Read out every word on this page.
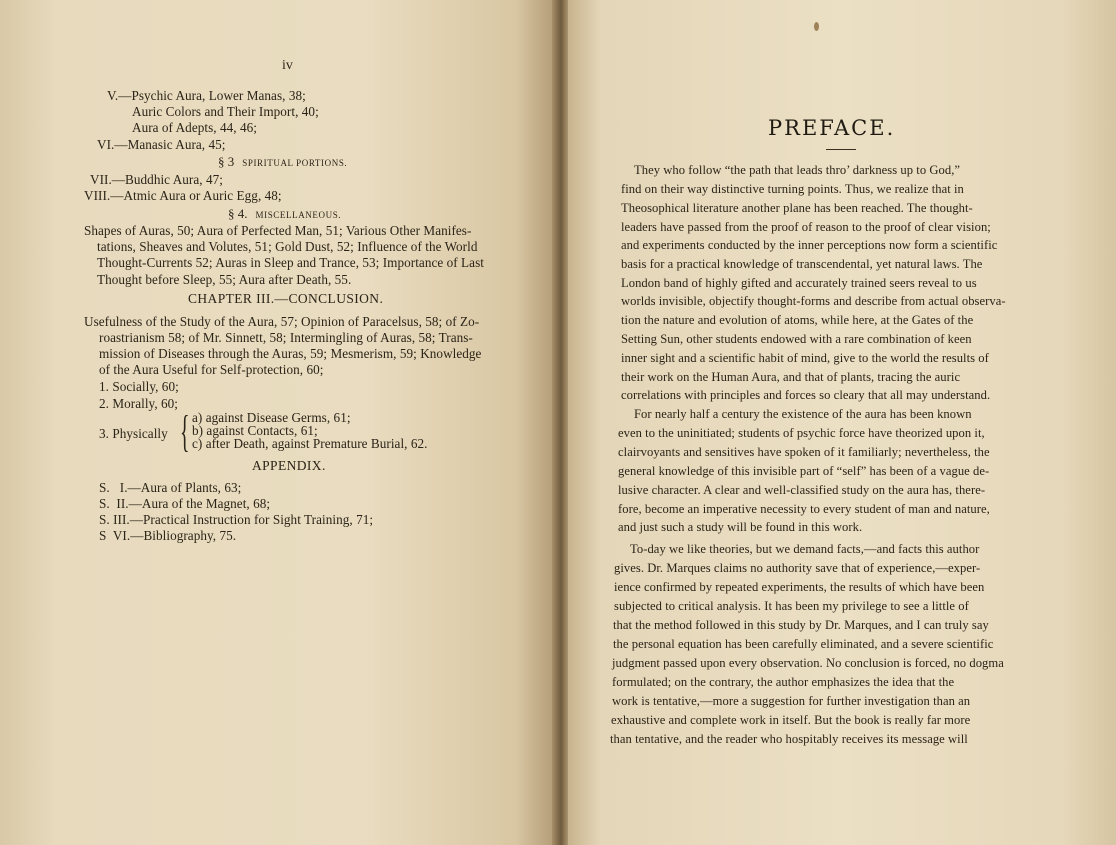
iv
V.—Psychic Aura, Lower Manas, 38;
Auric Colors and Their Import, 40;
Aura of Adepts, 44, 46;
VI.—Manasic Aura, 45;
§ 3 SPIRITUAL PORTIONS.
VII.—Buddhic Aura, 47;
VIII.—Atmic Aura or Auric Egg, 48;
§ 4. MISCELLANEOUS.
Shapes of Auras, 50; Aura of Perfected Man, 51; Various Other Manifes-
tations, Sheaves and Volutes, 51; Gold Dust, 52; Influence of the World
Thought-Currents 52; Auras in Sleep and Trance, 53; Importance of Last
Thought before Sleep, 55; Aura after Death, 55.
CHAPTER III.—CONCLUSION.
Usefulness of the Study of the Aura, 57; Opinion of Paracelsus, 58; of Zo-
roastrianism 58; of Mr. Sinnett, 58; Intermingling of Auras, 58; Trans-
mission of Diseases through the Auras, 59; Mesmerism, 59; Knowledge
of the Aura Useful for Self-protection, 60;
1. Socially, 60;
2. Morally, 60;
3. Physically { a) against Disease Germs, 61;
b) against Contacts, 61;
c) after Death, against Premature Burial, 62.
APPENDIX.
S.   I.—Aura of Plants, 63;
S.  II.—Aura of the Magnet, 68;
S. III.—Practical Instruction for Sight Training, 71;
S  VI.—Bibliography, 75.
PREFACE.
They who follow “the path that leads thro’ darkness up to God,”
find on their way distinctive turning points. Thus, we realize that in
Theosophical literature another plane has been reached. The thought-
leaders have passed from the proof of reason to the proof of clear vision;
and experiments conducted by the inner perceptions now form a scientific
basis for a practical knowledge of transcendental, yet natural laws. The
London band of highly gifted and accurately trained seers reveal to us
worlds invisible, objectify thought-forms and describe from actual observa-
tion the nature and evolution of atoms, while here, at the Gates of the
Setting Sun, other students endowed with a rare combination of keen
inner sight and a scientific habit of mind, give to the world the results of
their work on the Human Aura, and that of plants, tracing the auric
correlations with principles and forces so cleary that all may understand.
For nearly half a century the existence of the aura has been known
even to the uninitiated; students of psychic force have theorized upon it,
clairvoyants and sensitives have spoken of it familiarly; nevertheless, the
general knowledge of this invisible part of “self” has been of a vague de-
lusive character. A clear and well-classified study on the aura has, there-
fore, become an imperative necessity to every student of man and nature,
and just such a study will be found in this work.
To-day we like theories, but we demand facts,—and facts this author
gives. Dr. Marques claims no authority save that of experience,—exper-
ience confirmed by repeated experiments, the results of which have been
subjected to critical analysis. It has been my privilege to see a little of
that the method followed in this study by Dr. Marques, and I can truly say
the personal equation has been carefully eliminated, and a severe scientific
judgment passed upon every observation. No conclusion is forced, no dogma
formulated; on the contrary, the author emphasizes the idea that the
work is tentative,—more a suggestion for further investigation than an
exhaustive and complete work in itself. But the book is really far more
than tentative, and the reader who hospitably receives its message will
